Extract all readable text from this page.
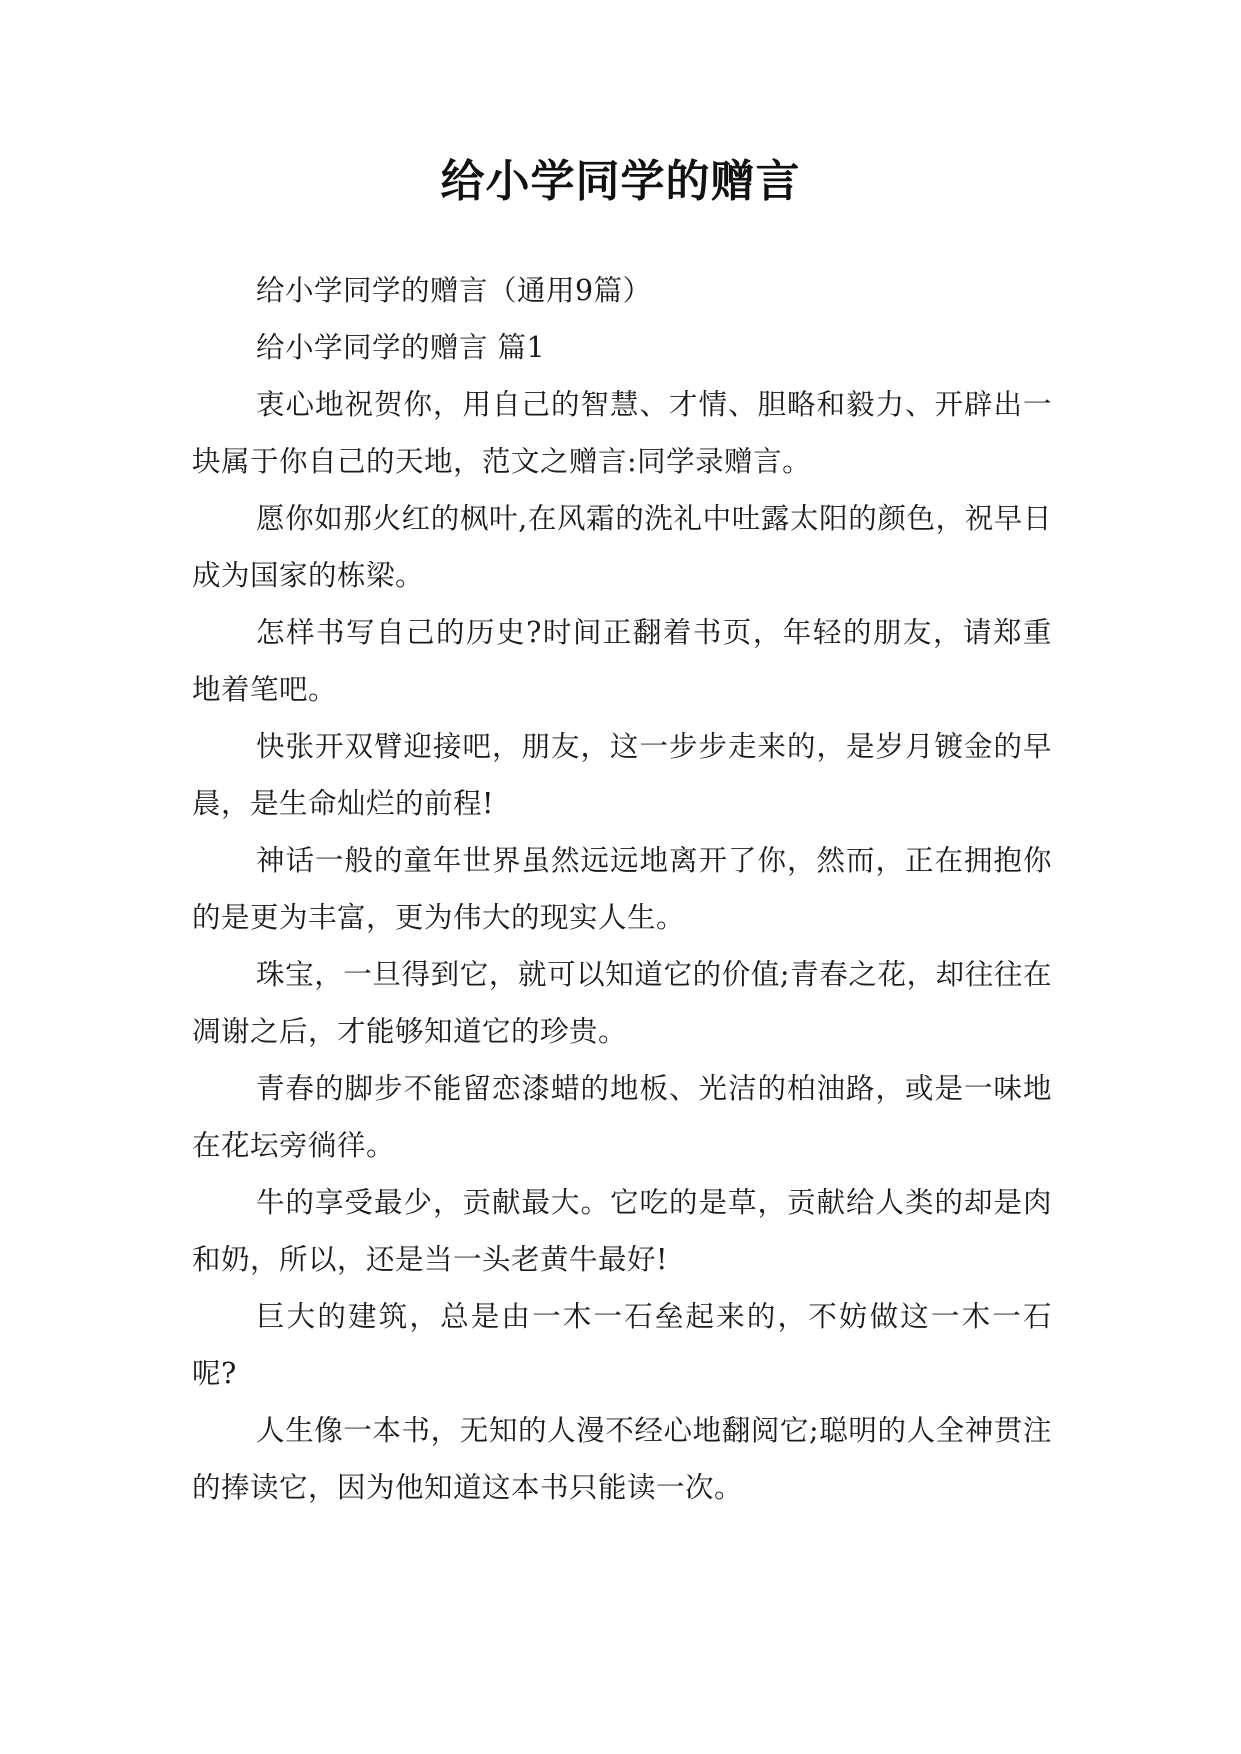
给小学同学的赠言

给小学同学的赠言（通用9篇）

给小学同学的赠言 篇1

衷心地祝贺你，用自己的智慧、才情、胆略和毅力、开辟出一块属于你自己的天地，范文之赠言:同学录赠言。

愿你如那火红的枫叶,在风霜的洗礼中吐露太阳的颜色，祝早日成为国家的栋梁。

怎样书写自己的历史?时间正翻着书页，年轻的朋友，请郑重地着笔吧。

快张开双臂迎接吧，朋友，这一步步走来的，是岁月镀金的早晨，是生命灿烂的前程!

神话一般的童年世界虽然远远地离开了你，然而，正在拥抱你的是更为丰富，更为伟大的现实人生。

珠宝，一旦得到它，就可以知道它的价值;青春之花，却往往在凋谢之后，才能够知道它的珍贵。

青春的脚步不能留恋漆蜡的地板、光洁的柏油路，或是一味地在花坛旁徜徉。

牛的享受最少，贡献最大。它吃的是草，贡献给人类的却是肉和奶，所以，还是当一头老黄牛最好!

巨大的建筑，总是由一木一石垒起来的，不妨做这一木一石呢?

人生像一本书，无知的人漫不经心地翻阅它;聪明的人全神贯注的捧读它，因为他知道这本书只能读一次。
